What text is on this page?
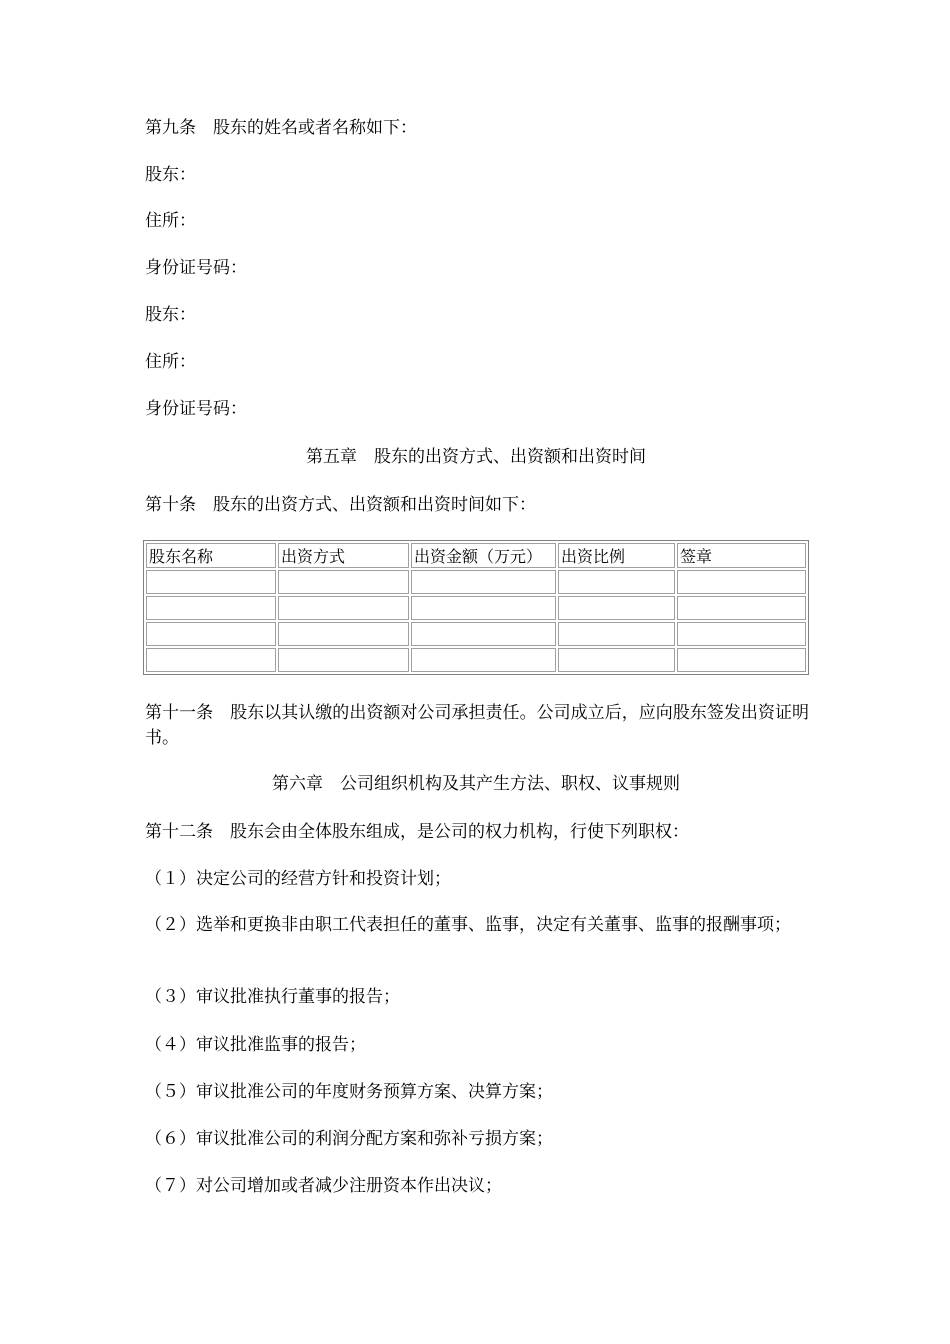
第九条　股东的姓名或者名称如下：
股东：
住所：
身份证号码：
股东：
住所：
身份证号码：
第五章　股东的出资方式、出资额和出资时间
第十条　股东的出资方式、出资额和出资时间如下：
股东名称	出资方式	出资金额（万元）	出资比例	签章

第十一条　股东以其认缴的出资额对公司承担责任。公司成立后，应向股东签发出资证明书。
第六章　公司组织机构及其产生方法、职权、议事规则
第十二条　股东会由全体股东组成，是公司的权力机构，行使下列职权：
（１）决定公司的经营方针和投资计划；
（２）选举和更换非由职工代表担任的董事、监事，决定有关董事、监事的报酬事项；
（３）审议批准执行董事的报告；
（４）审议批准监事的报告；
（５）审议批准公司的年度财务预算方案、决算方案；
（６）审议批准公司的利润分配方案和弥补亏损方案；
（７）对公司增加或者减少注册资本作出决议；
